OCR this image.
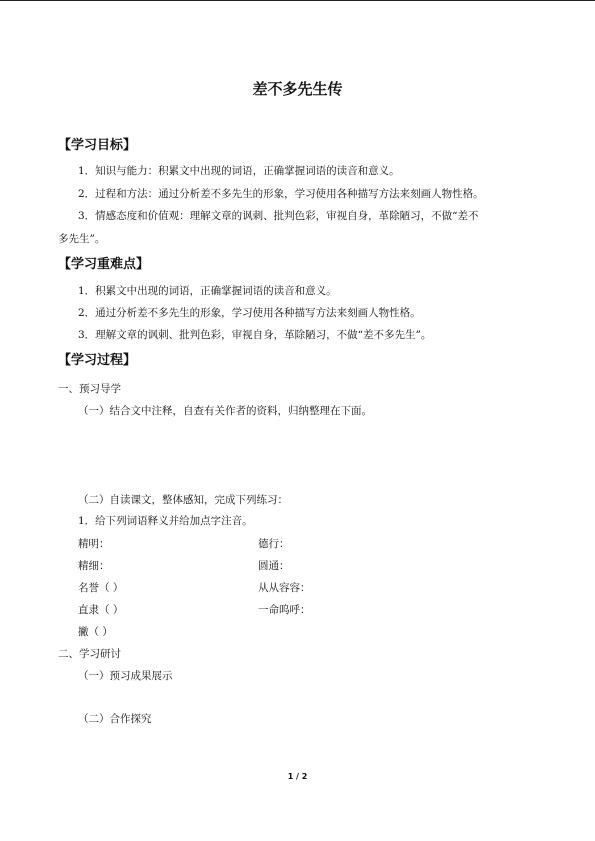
差不多先生传
【学习目标】
1．知识与能力：积累文中出现的词语，正确掌握词语的读音和意义。
2．过程和方法：通过分析差不多先生的形象，学习使用各种描写方法来刻画人物性格。
3．情感态度和价值观：理解文章的讽刺、批判色彩，审视自身，革除陋习，不做“差不
多先生”。
【学习重难点】
1．积累文中出现的词语，正确掌握词语的读音和意义。
2．通过分析差不多先生的形象，学习使用各种描写方法来刻画人物性格。
3．理解文章的讽刺、批判色彩，审视自身，革除陋习，不做“差不多先生”。
【学习过程】
一、预习导学
（一）结合文中注释，自查有关作者的资料，归纳整理在下面。
（二）自读课文，整体感知，完成下列练习：
1．给下列词语释义并给加点字注音。
精明：
精细：
名誉（ ）
直隶（ ）
撇（ ）
德行：
圆通：
从从容容：
一命呜呼：
二、学习研讨
（一）预习成果展示
（二）合作探究
1 / 2
